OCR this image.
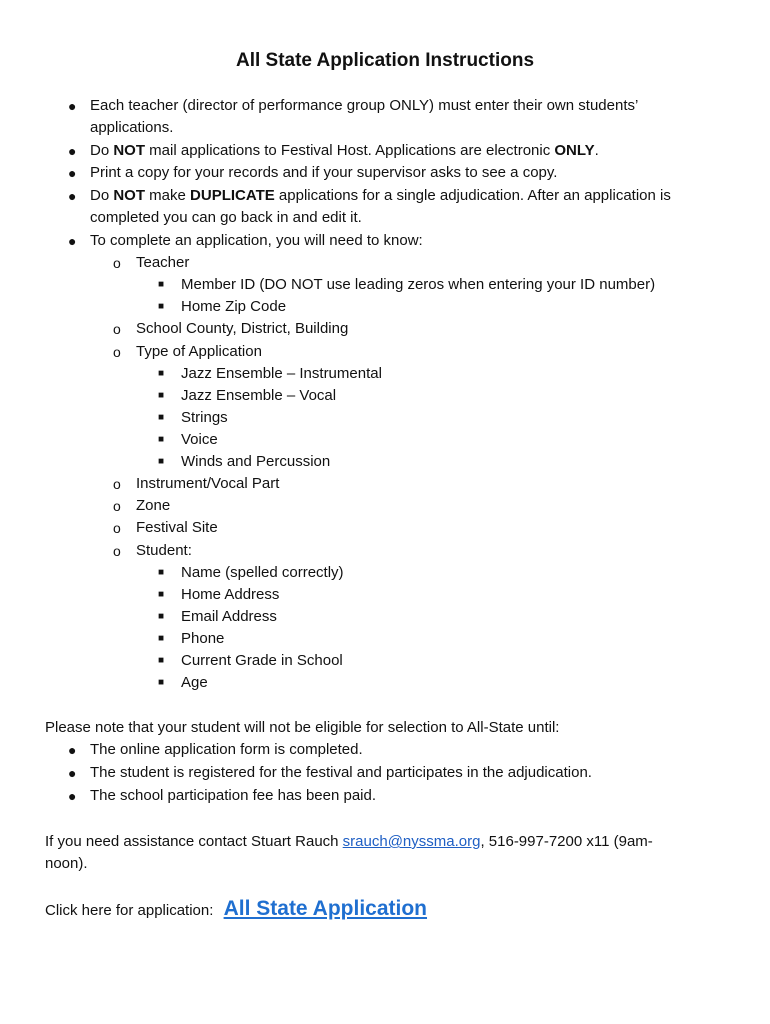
All State Application Instructions
● Each teacher (director of performance group ONLY) must enter their own students’
applications.
● Do NOT mail applications to Festival Host. Applications are electronic ONLY.
● Print a copy for your records and if your supervisor asks to see a copy.
● Do NOT make DUPLICATE applications for a single adjudication. After an application is
completed you can go back in and edit it.
● To complete an application, you will need to know:
o Teacher
■ Member ID (DO NOT use leading zeros when entering your ID number)
■ Home Zip Code
o School County, District, Building
o Type of Application
■ Jazz Ensemble – Instrumental
■ Jazz Ensemble – Vocal
■ Strings
■ Voice
■ Winds and Percussion
o Instrument/Vocal Part
o Zone
o Festival Site
o Student:
■ Name (spelled correctly)
■ Home Address
■ Email Address
■ Phone
■ Current Grade in School
■ Age
Please note that your student will not be eligible for selection to All-State until:
● The online application form is completed.
● The student is registered for the festival and participates in the adjudication.
● The school participation fee has been paid.
If you need assistance contact Stuart Rauch srauch@nyssma.org, 516-997-7200 x11 (9am-
noon).
Click here for application: All State Application
